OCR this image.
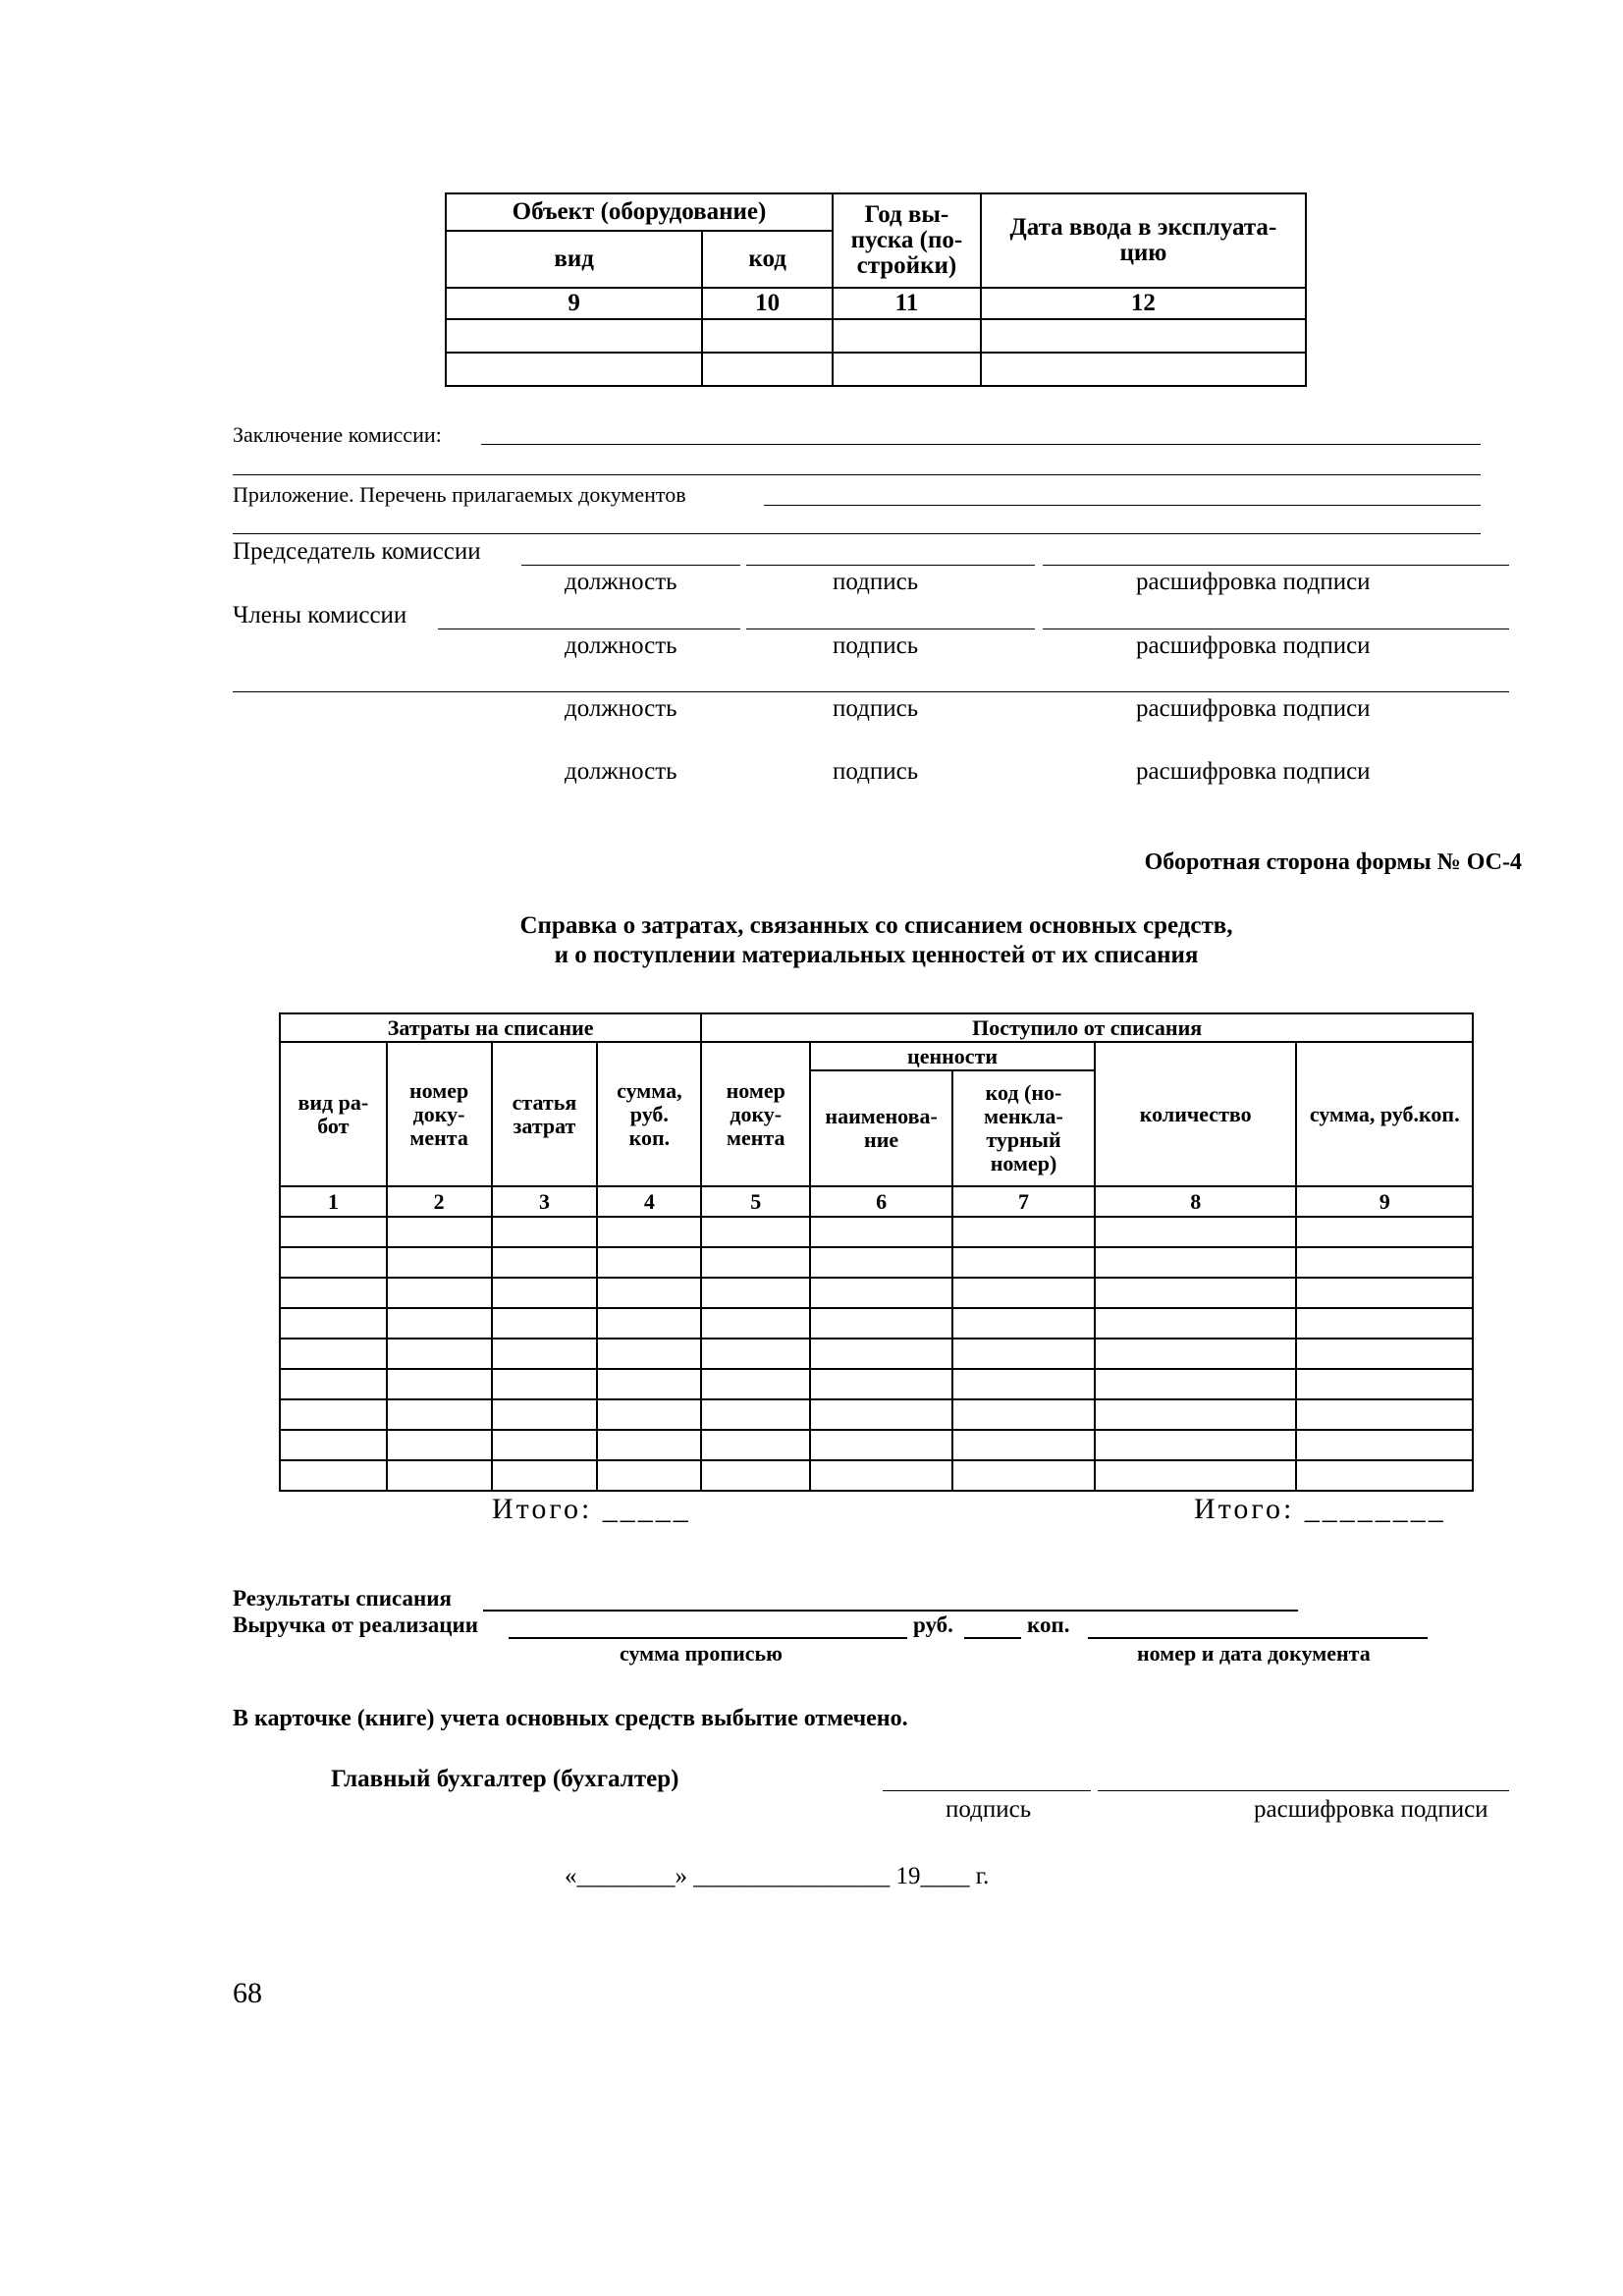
Объект (оборудование)		Год вы-пуска (по-стройки)	Дата ввода в эксплуата-цию
вид	код		
9	10	11	12

Заключение комиссии:
Приложение. Перечень прилагаемых документов
Председатель комиссии
должность	подпись	расшифровка подписи
Члены комиссии
должность	подпись	расшифровка подписи
должность	подпись	расшифровка подписи
должность	подпись	расшифровка подписи
Оборотная сторона формы № ОС-4
Справка о затратах, связанных со списанием основных средств,
и о поступлении материальных ценностей от их списания
Затраты на списание				Поступило от списания				
вид ра-бот	номер доку-мента	статья затрат	сумма, руб. коп.	номер доку-мента	ценности		количество	сумма, руб.коп.
					наименова-ние	код (но-менкла-турный номер)		
1	2	3	4	5	6	7	8	9

Итого: _____	Итого: ________
Результаты списания
Выручка от реализации	руб.	коп.
сумма прописью	номер и дата документа
В карточке (книге) учета основных средств выбытие отмечено.
Главный бухгалтер (бухгалтер)
подпись	расшифровка подписи
«________» ________________ 19____ г.
68
